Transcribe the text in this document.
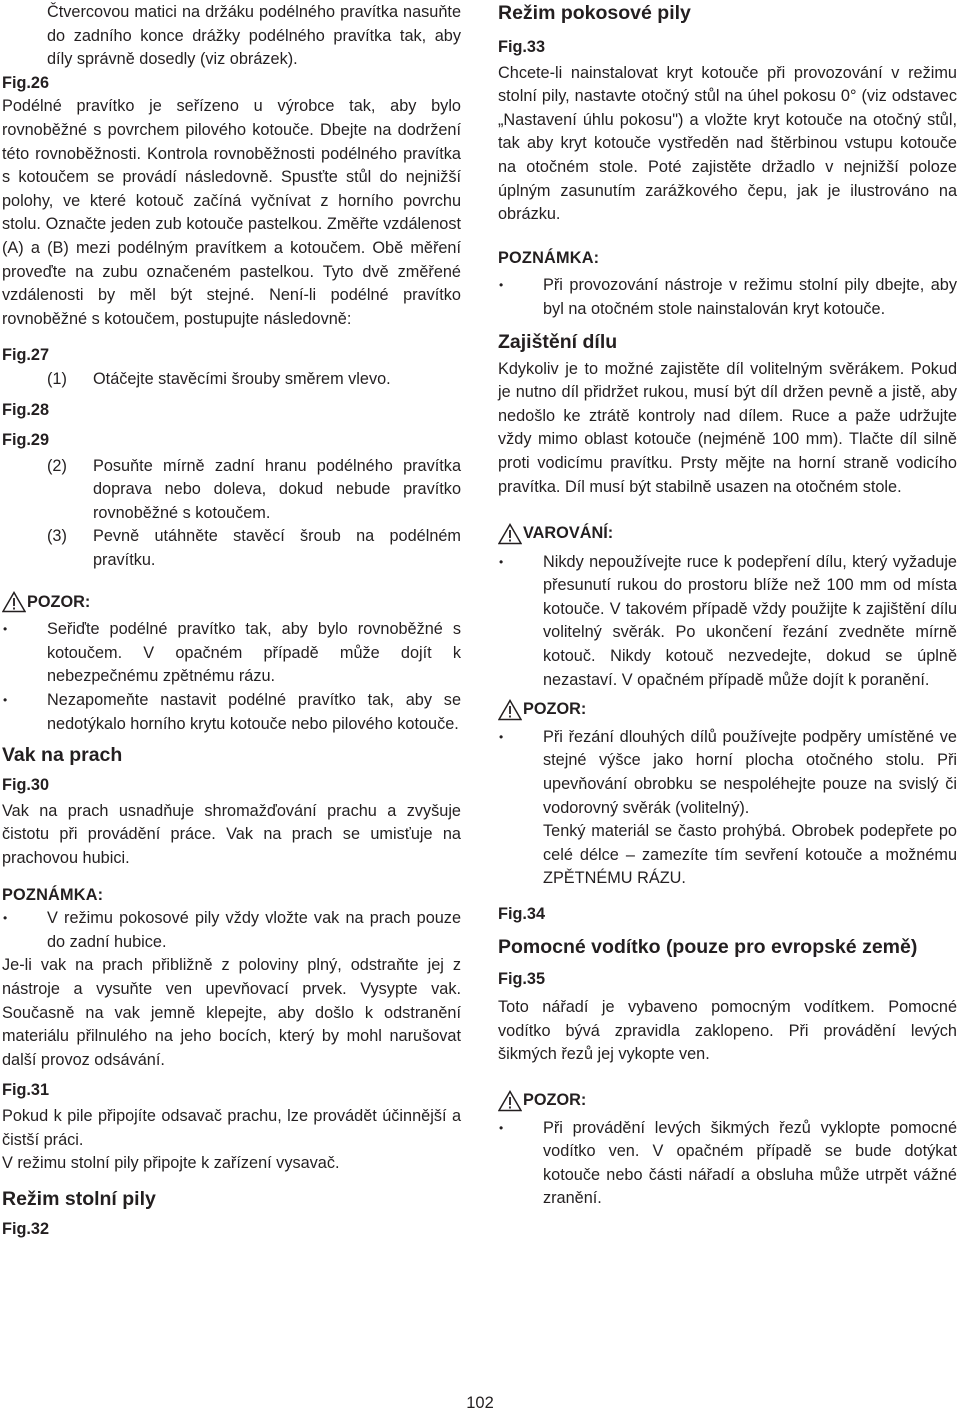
Čtvercovou matici na držáku podélného pravítka nasuňte do zadního konce drážky podélného pravítka tak, aby díly správně dosedly (viz obrázek).

Fig.26

Podélné pravítko je seřízeno u výrobce tak, aby bylo rovnoběžné s povrchem pilového kotouče. Dbejte na dodržení této rovnoběžnosti. Kontrola rovnoběžnosti podélného pravítka s kotoučem se provádí následovně. Spusťte stůl do nejnižší polohy, ve které kotouč začíná vyčnívat z horního povrchu stolu. Označte jeden zub kotouče pastelkou. Změřte vzdálenost (A) a (B) mezi podélným pravítkem a kotoučem. Obě měření proveďte na zubu označeném pastelkou. Tyto dvě změřené vzdálenosti by měl být stejné. Není-li podélné pravítko rovnoběžné s kotoučem, postupujte následovně:

Fig.27

(1)	Otáčejte stavěcími šrouby směrem vlevo.

Fig.28

Fig.29

(2)	Posuňte mírně zadní hranu podélného pravítka doprava nebo doleva, dokud nebude pravítko rovnoběžné s kotoučem.
(3)	Pevně utáhněte stavěcí šroub na podélném pravítku.
POZOR:
• Seřiďte podélné pravítko tak, aby bylo rovnoběžné s kotoučem. V opačném případě může dojít k nebezpečnému zpětnému rázu.
• Nezapomeňte nastavit podélné pravítko tak, aby se nedotýkalo horního krytu kotouče nebo pilového kotouče.

Vak na prach

Fig.30

Vak na prach usnadňuje shromažďování prachu a zvyšuje čistotu při provádění práce. Vak na prach se umisťuje na prachovou hubici.

POZNÁMKA:

• V režimu pokosové pily vždy vložte vak na prach pouze do zadní hubice.

Je-li vak na prach přibližně z poloviny plný, odstraňte jej z nástroje a vysuňte ven upevňovací prvek. Vysypte vak. Současně na vak jemně klepejte, aby došlo k odstranění materiálu přilnulého na jeho bocích, který by mohl narušovat další provoz odsávání.

Fig.31

Pokud k pile připojíte odsavač prachu, lze provádět účinnější a čistší práci.

V režimu stolní pily připojte k zařízení vysavač.

Režim stolní pily

Fig.32

Režim pokosové pily

Fig.33

Chcete-li nainstalovat kryt kotouče při provozování v režimu stolní pily, nastavte otočný stůl na úhel pokosu 0° (viz odstavec „Nastavení úhlu pokosu") a vložte kryt kotouče na otočný stůl, tak aby kryt kotouče vystředěn nad štěrbinou vstupu kotouče na otočném stole. Poté zajistěte držadlo v nejnižší poloze úplným zasunutím zarážkového čepu, jak je ilustrováno na obrázku.

POZNÁMKA:

• Při provozování nástroje v režimu stolní pily dbejte, aby byl na otočném stole nainstalován kryt kotouče.

Zajištění dílu

Kdykoliv je to možné zajistěte díl volitelným svěrákem. Pokud je nutno díl přidržet rukou, musí být díl držen pevně a jistě, aby nedošlo ke ztrátě kontroly nad dílem. Ruce a paže udržujte vždy mimo oblast kotouče (nejméně 100 mm). Tlačte díl silně proti vodicímu pravítku. Prsty mějte na horní straně vodicího pravítka. Díl musí být stabilně usazen na otočném stole.

VAROVÁNÍ:
• Nikdy nepoužívejte ruce k podepření dílu, který vyžaduje přesunutí rukou do prostoru blíže než 100 mm od místa kotouče. V takovém případě vždy použijte k zajištění dílu volitelný svěrák. Po ukončení řezání zvedněte mírně kotouč. Nikdy kotouč nezvedejte, dokud se úplně nezastaví. V opačném případě může dojít k poranění.
POZOR:
• Při řezání dlouhých dílů používejte podpěry umístěné ve stejné výšce jako horní plocha otočného stolu. Při upevňování obrobku se nespoléhejte pouze na svislý či vodorovný svěrák (volitelný).

Tenký materiál se často prohýbá. Obrobek podepřete po celé délce – zamezíte tím sevření kotouče a možnému ZPĚTNÉMU RÁZU.

Fig.34

Pomocné vodítko (pouze pro evropské země)

Fig.35

Toto nářadí je vybaveno pomocným vodítkem. Pomocné vodítko bývá zpravidla zaklopeno. Při provádění levých šikmých řezů jej vykopte ven.

POZOR:
• Při provádění levých šikmých řezů vyklopte pomocné vodítko ven. V opačném případě se bude dotýkat kotouče nebo části nářadí a obsluha může utrpět vážné zranění.
102
